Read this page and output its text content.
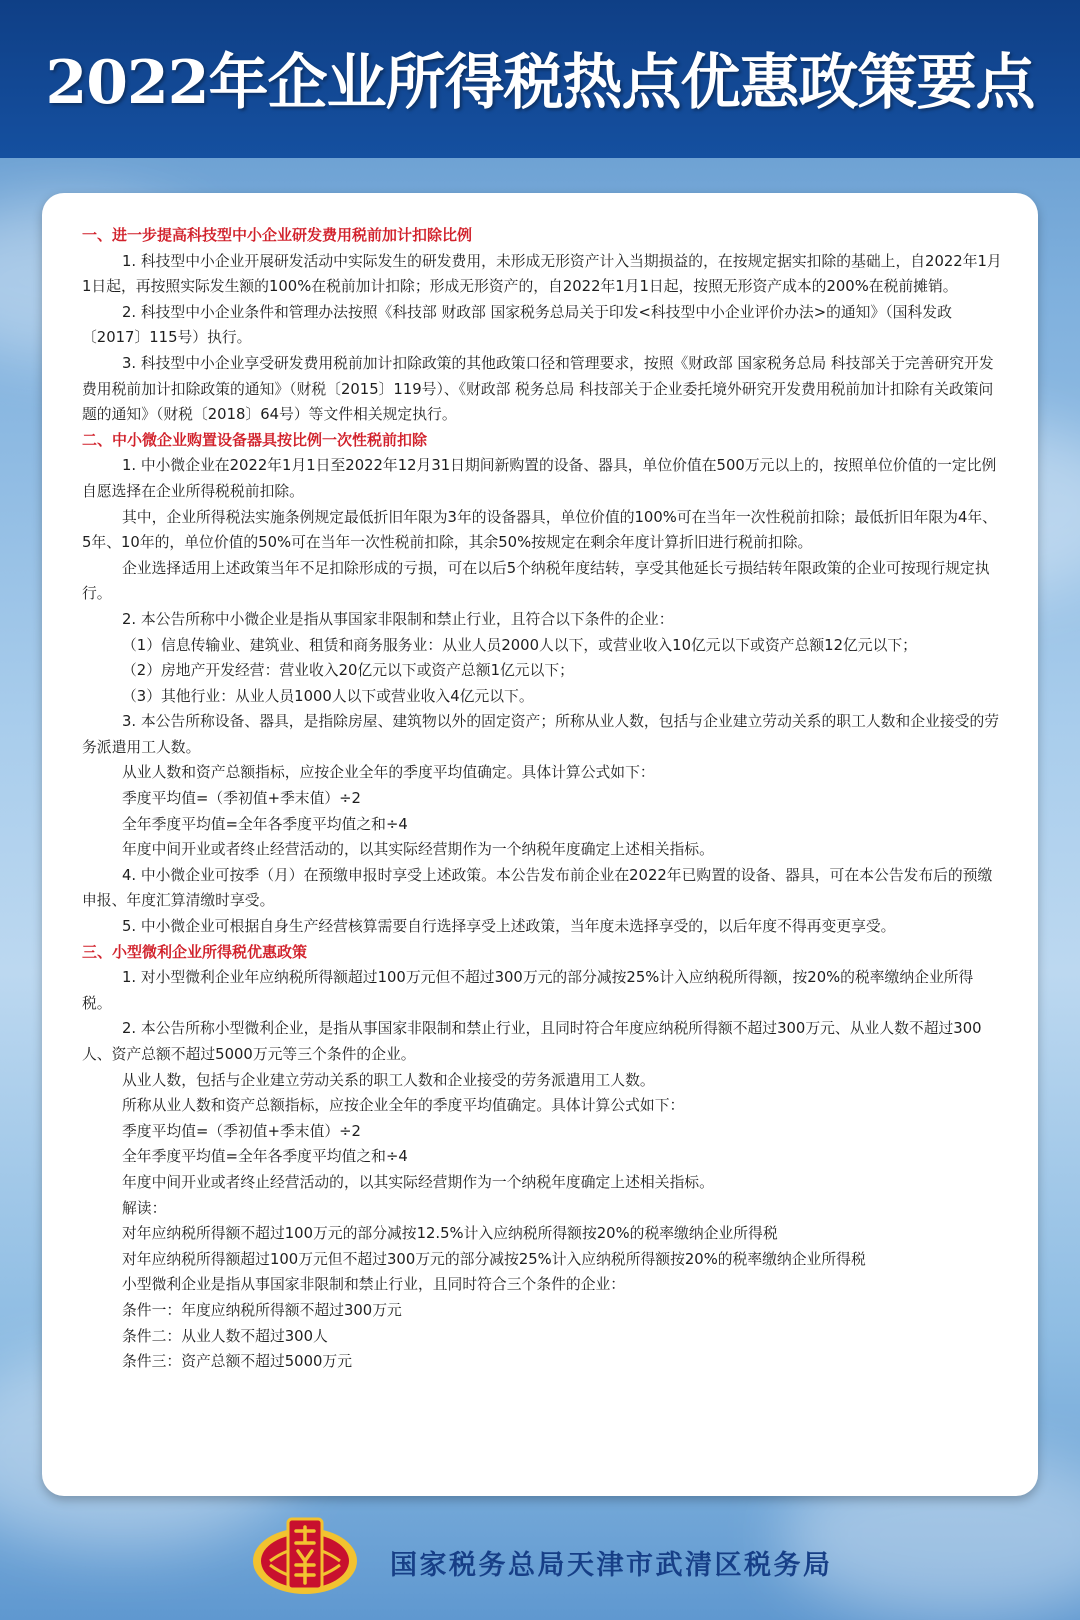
2022年企业所得税热点优惠政策要点

一、进一步提高科技型中小企业研发费用税前加计扣除比例

1. 科技型中小企业开展研发活动中实际发生的研发费用，未形成无形资产计入当期损益的，在按规定据实扣除的基础上，自2022年1月1日起，再按照实际发生额的100%在税前加计扣除；形成无形资产的，自2022年1月1日起，按照无形资产成本的200%在税前摊销。

2. 科技型中小企业条件和管理办法按照《科技部 财政部 国家税务总局关于印发<科技型中小企业评价办法>的通知》（国科发政〔2017〕115号）执行。

3. 科技型中小企业享受研发费用税前加计扣除政策的其他政策口径和管理要求，按照《财政部 国家税务总局 科技部关于完善研究开发费用税前加计扣除政策的通知》（财税〔2015〕119号）、《财政部 税务总局 科技部关于企业委托境外研究开发费用税前加计扣除有关政策问题的通知》（财税〔2018〕64号）等文件相关规定执行。

二、中小微企业购置设备器具按比例一次性税前扣除

1. 中小微企业在2022年1月1日至2022年12月31日期间新购置的设备、器具，单位价值在500万元以上的，按照单位价值的一定比例自愿选择在企业所得税税前扣除。

其中，企业所得税法实施条例规定最低折旧年限为3年的设备器具，单位价值的100%可在当年一次性税前扣除；最低折旧年限为4年、5年、10年的，单位价值的50%可在当年一次性税前扣除，其余50%按规定在剩余年度计算折旧进行税前扣除。

企业选择适用上述政策当年不足扣除形成的亏损，可在以后5个纳税年度结转，享受其他延长亏损结转年限政策的企业可按现行规定执行。

2. 本公告所称中小微企业是指从事国家非限制和禁止行业，且符合以下条件的企业：

（1）信息传输业、建筑业、租赁和商务服务业：从业人员2000人以下，或营业收入10亿元以下或资产总额12亿元以下；

（2）房地产开发经营：营业收入20亿元以下或资产总额1亿元以下；

（3）其他行业：从业人员1000人以下或营业收入4亿元以下。

3. 本公告所称设备、器具，是指除房屋、建筑物以外的固定资产；所称从业人数，包括与企业建立劳动关系的职工人数和企业接受的劳务派遣用工人数。

从业人数和资产总额指标，应按企业全年的季度平均值确定。具体计算公式如下：

季度平均值=（季初值+季末值）÷2

全年季度平均值=全年各季度平均值之和÷4

年度中间开业或者终止经营活动的，以其实际经营期作为一个纳税年度确定上述相关指标。

4. 中小微企业可按季（月）在预缴申报时享受上述政策。本公告发布前企业在2022年已购置的设备、器具，可在本公告发布后的预缴申报、年度汇算清缴时享受。

5. 中小微企业可根据自身生产经营核算需要自行选择享受上述政策，当年度未选择享受的，以后年度不得再变更享受。

三、小型微利企业所得税优惠政策

1. 对小型微利企业年应纳税所得额超过100万元但不超过300万元的部分减按25%计入应纳税所得额，按20%的税率缴纳企业所得税。

2. 本公告所称小型微利企业，是指从事国家非限制和禁止行业，且同时符合年度应纳税所得额不超过300万元、从业人数不超过300人、资产总额不超过5000万元等三个条件的企业。

从业人数，包括与企业建立劳动关系的职工人数和企业接受的劳务派遣用工人数。

所称从业人数和资产总额指标，应按企业全年的季度平均值确定。具体计算公式如下：

季度平均值=（季初值+季末值）÷2

全年季度平均值=全年各季度平均值之和÷4

年度中间开业或者终止经营活动的，以其实际经营期作为一个纳税年度确定上述相关指标。

解读：

对年应纳税所得额不超过100万元的部分减按12.5%计入应纳税所得额按20%的税率缴纳企业所得税

对年应纳税所得额超过100万元但不超过300万元的部分减按25%计入应纳税所得额按20%的税率缴纳企业所得税

小型微利企业是指从事国家非限制和禁止行业，且同时符合三个条件的企业：

条件一：年度应纳税所得额不超过300万元

条件二：从业人数不超过300人

条件三：资产总额不超过5000万元

国家税务总局天津市武清区税务局
